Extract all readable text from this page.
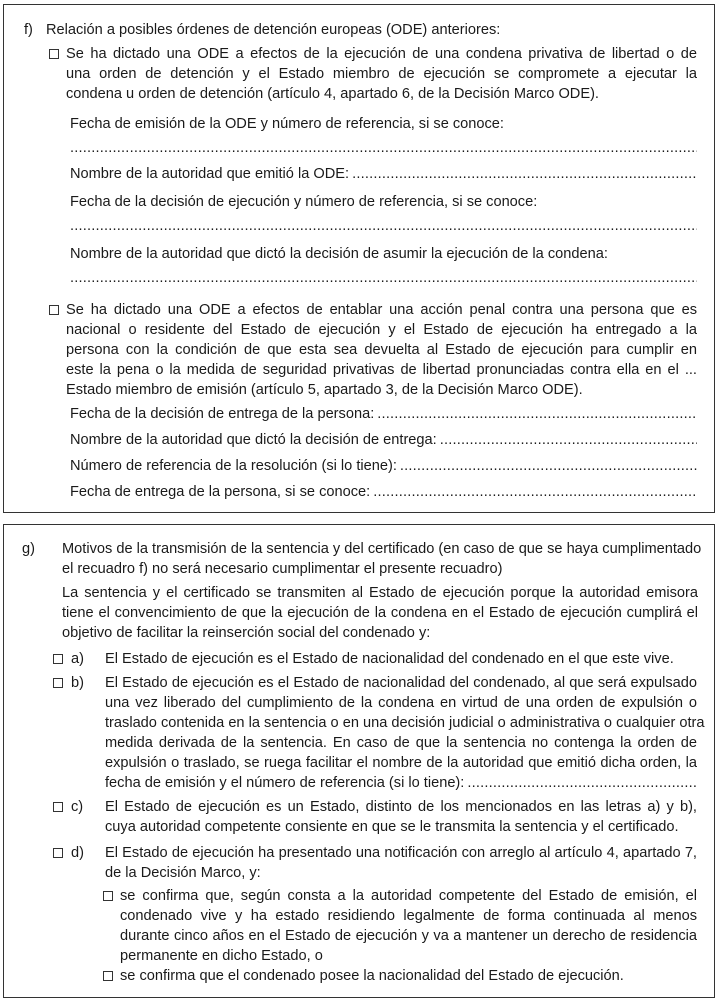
f) Relación a posibles órdenes de detención europeas (ODE) anteriores:
Se ha dictado una ODE a efectos de la ejecución de una condena privativa de libertad o de
una orden de detención y el Estado miembro de ejecución se compromete a ejecutar la
condena u orden de detención (artículo 4, apartado 6, de la Decisión Marco ODE).
Fecha de emisión de la ODE y número de referencia, si se conoce:
.....
Nombre de la autoridad que emitió la ODE:
.....
Fecha de la decisión de ejecución y número de referencia, si se conoce:
.....
Nombre de la autoridad que dictó la decisión de asumir la ejecución de la condena:
.....
Se ha dictado una ODE a efectos de entablar una acción penal contra una persona que es
nacional o residente del Estado de ejecución y el Estado de ejecución ha entregado a la
persona con la condición de que esta sea devuelta al Estado de ejecución para cumplir en
este la pena o la medida de seguridad privativas de libertad pronunciadas contra ella en el ...
Estado miembro de emisión (artículo 5, apartado 3, de la Decisión Marco ODE).
Fecha de la decisión de entrega de la persona:
.....
Nombre de la autoridad que dictó la decisión de entrega:
.....
Número de referencia de la resolución (si lo tiene):
.....
Fecha de entrega de la persona, si se conoce:
.....
g) Motivos de la transmisión de la sentencia y del certificado (en caso de que se haya cumplimentado
el recuadro f) no será necesario cumplimentar el presente recuadro)
La sentencia y el certificado se transmiten al Estado de ejecución porque la autoridad emisora
tiene el convencimiento de que la ejecución de la condena en el Estado de ejecución cumplirá el
objetivo de facilitar la reinserción social del condenado y:
a) El Estado de ejecución es el Estado de nacionalidad del condenado en el que este vive.
b) El Estado de ejecución es el Estado de nacionalidad del condenado, al que será expulsado
una vez liberado del cumplimiento de la condena en virtud de una orden de expulsión o
traslado contenida en la sentencia o en una decisión judicial o administrativa o cualquier otra
medida derivada de la sentencia. En caso de que la sentencia no contenga la orden de
expulsión o traslado, se ruega facilitar el nombre de la autoridad que emitió dicha orden, la
fecha de emisión y el número de referencia (si lo tiene):
.....
c) El Estado de ejecución es un Estado, distinto de los mencionados en las letras a) y b),
cuya autoridad competente consiente en que se le transmita la sentencia y el certificado.
d) El Estado de ejecución ha presentado una notificación con arreglo al artículo 4, apartado 7,
de la Decisión Marco, y:
se confirma que, según consta a la autoridad competente del Estado de emisión, el
condenado vive y ha estado residiendo legalmente de forma continuada al menos
durante cinco años en el Estado de ejecución y va a mantener un derecho de residencia
permanente en dicho Estado, o
se confirma que el condenado posee la nacionalidad del Estado de ejecución.
